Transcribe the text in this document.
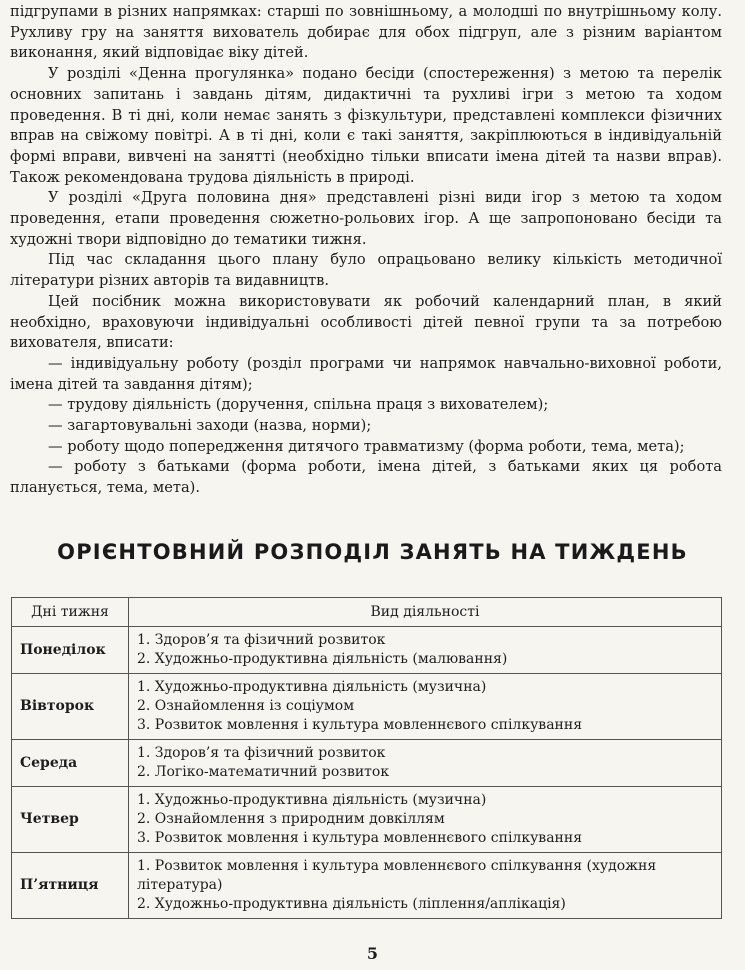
підгрупами в різних напрямках: старші по зовнішньому, а молодші по внутрішньому колу. Рухливу гру на заняття вихователь добирає для обох підгруп, але з різним варіантом виконання, який відповідає віку дітей.

У розділі «Денна прогулянка» подано бесіди (спостереження) з метою та перелік основних запитань і завдань дітям, дидактичні та рухливі ігри з метою та ходом проведення. В ті дні, коли немає занять з фізкультури, представлені комплекси фізичних вправ на свіжому повітрі. А в ті дні, коли є такі заняття, закріплюються в індивідуальній формі вправи, вивчені на занятті (необхідно тільки вписати імена дітей та назви вправ). Також рекомендована трудова діяльність в природі.

У розділі «Друга половина дня» представлені різні види ігор з метою та ходом проведення, етапи проведення сюжетно-рольових ігор. А ще запропоновано бесіди та художні твори відповідно до тематики тижня.

Під час складання цього плану було опрацьовано велику кількість методичної літератури різних авторів та видавництв.

Цей посібник можна використовувати як робочий календарний план, в який необхідно, враховуючи індивідуальні особливості дітей певної групи та за потребою вихователя, вписати:

— індивідуальну роботу (розділ програми чи напрямок навчально-виховної роботи, імена дітей та завдання дітям);

— трудову діяльність (доручення, спільна праця з вихователем);

— загартовувальні заходи (назва, норми);

— роботу щодо попередження дитячого травматизму (форма роботи, тема, мета);

— роботу з батьками (форма роботи, імена дітей, з батьками яких ця робота планується, тема, мета).

ОРІЄНТОВНИЙ РОЗПОДІЛ ЗАНЯТЬ НА ТИЖДЕНЬ
Дні тижня	Вид діяльності
Понеділок	1. Здоров’я та фізичний розвиток
2. Художньо-продуктивна діяльність (малювання)

Вівторок	1. Художньо-продуктивна діяльність (музична)
2. Ознайомлення із соціумом
3. Розвиток мовлення і культура мовленнєвого спілкування

Середа	1. Здоров’я та фізичний розвиток
2. Логіко-математичний розвиток

Четвер	1. Художньо-продуктивна діяльність (музична)
2. Ознайомлення з природним довкіллям
3. Розвиток мовлення і культура мовленнєвого спілкування

П’ятниця	1. Розвиток мовлення і культура мовленнєвого спілкування (художня література)
2. Художньо-продуктивна діяльність (ліплення/аплікація)
5
